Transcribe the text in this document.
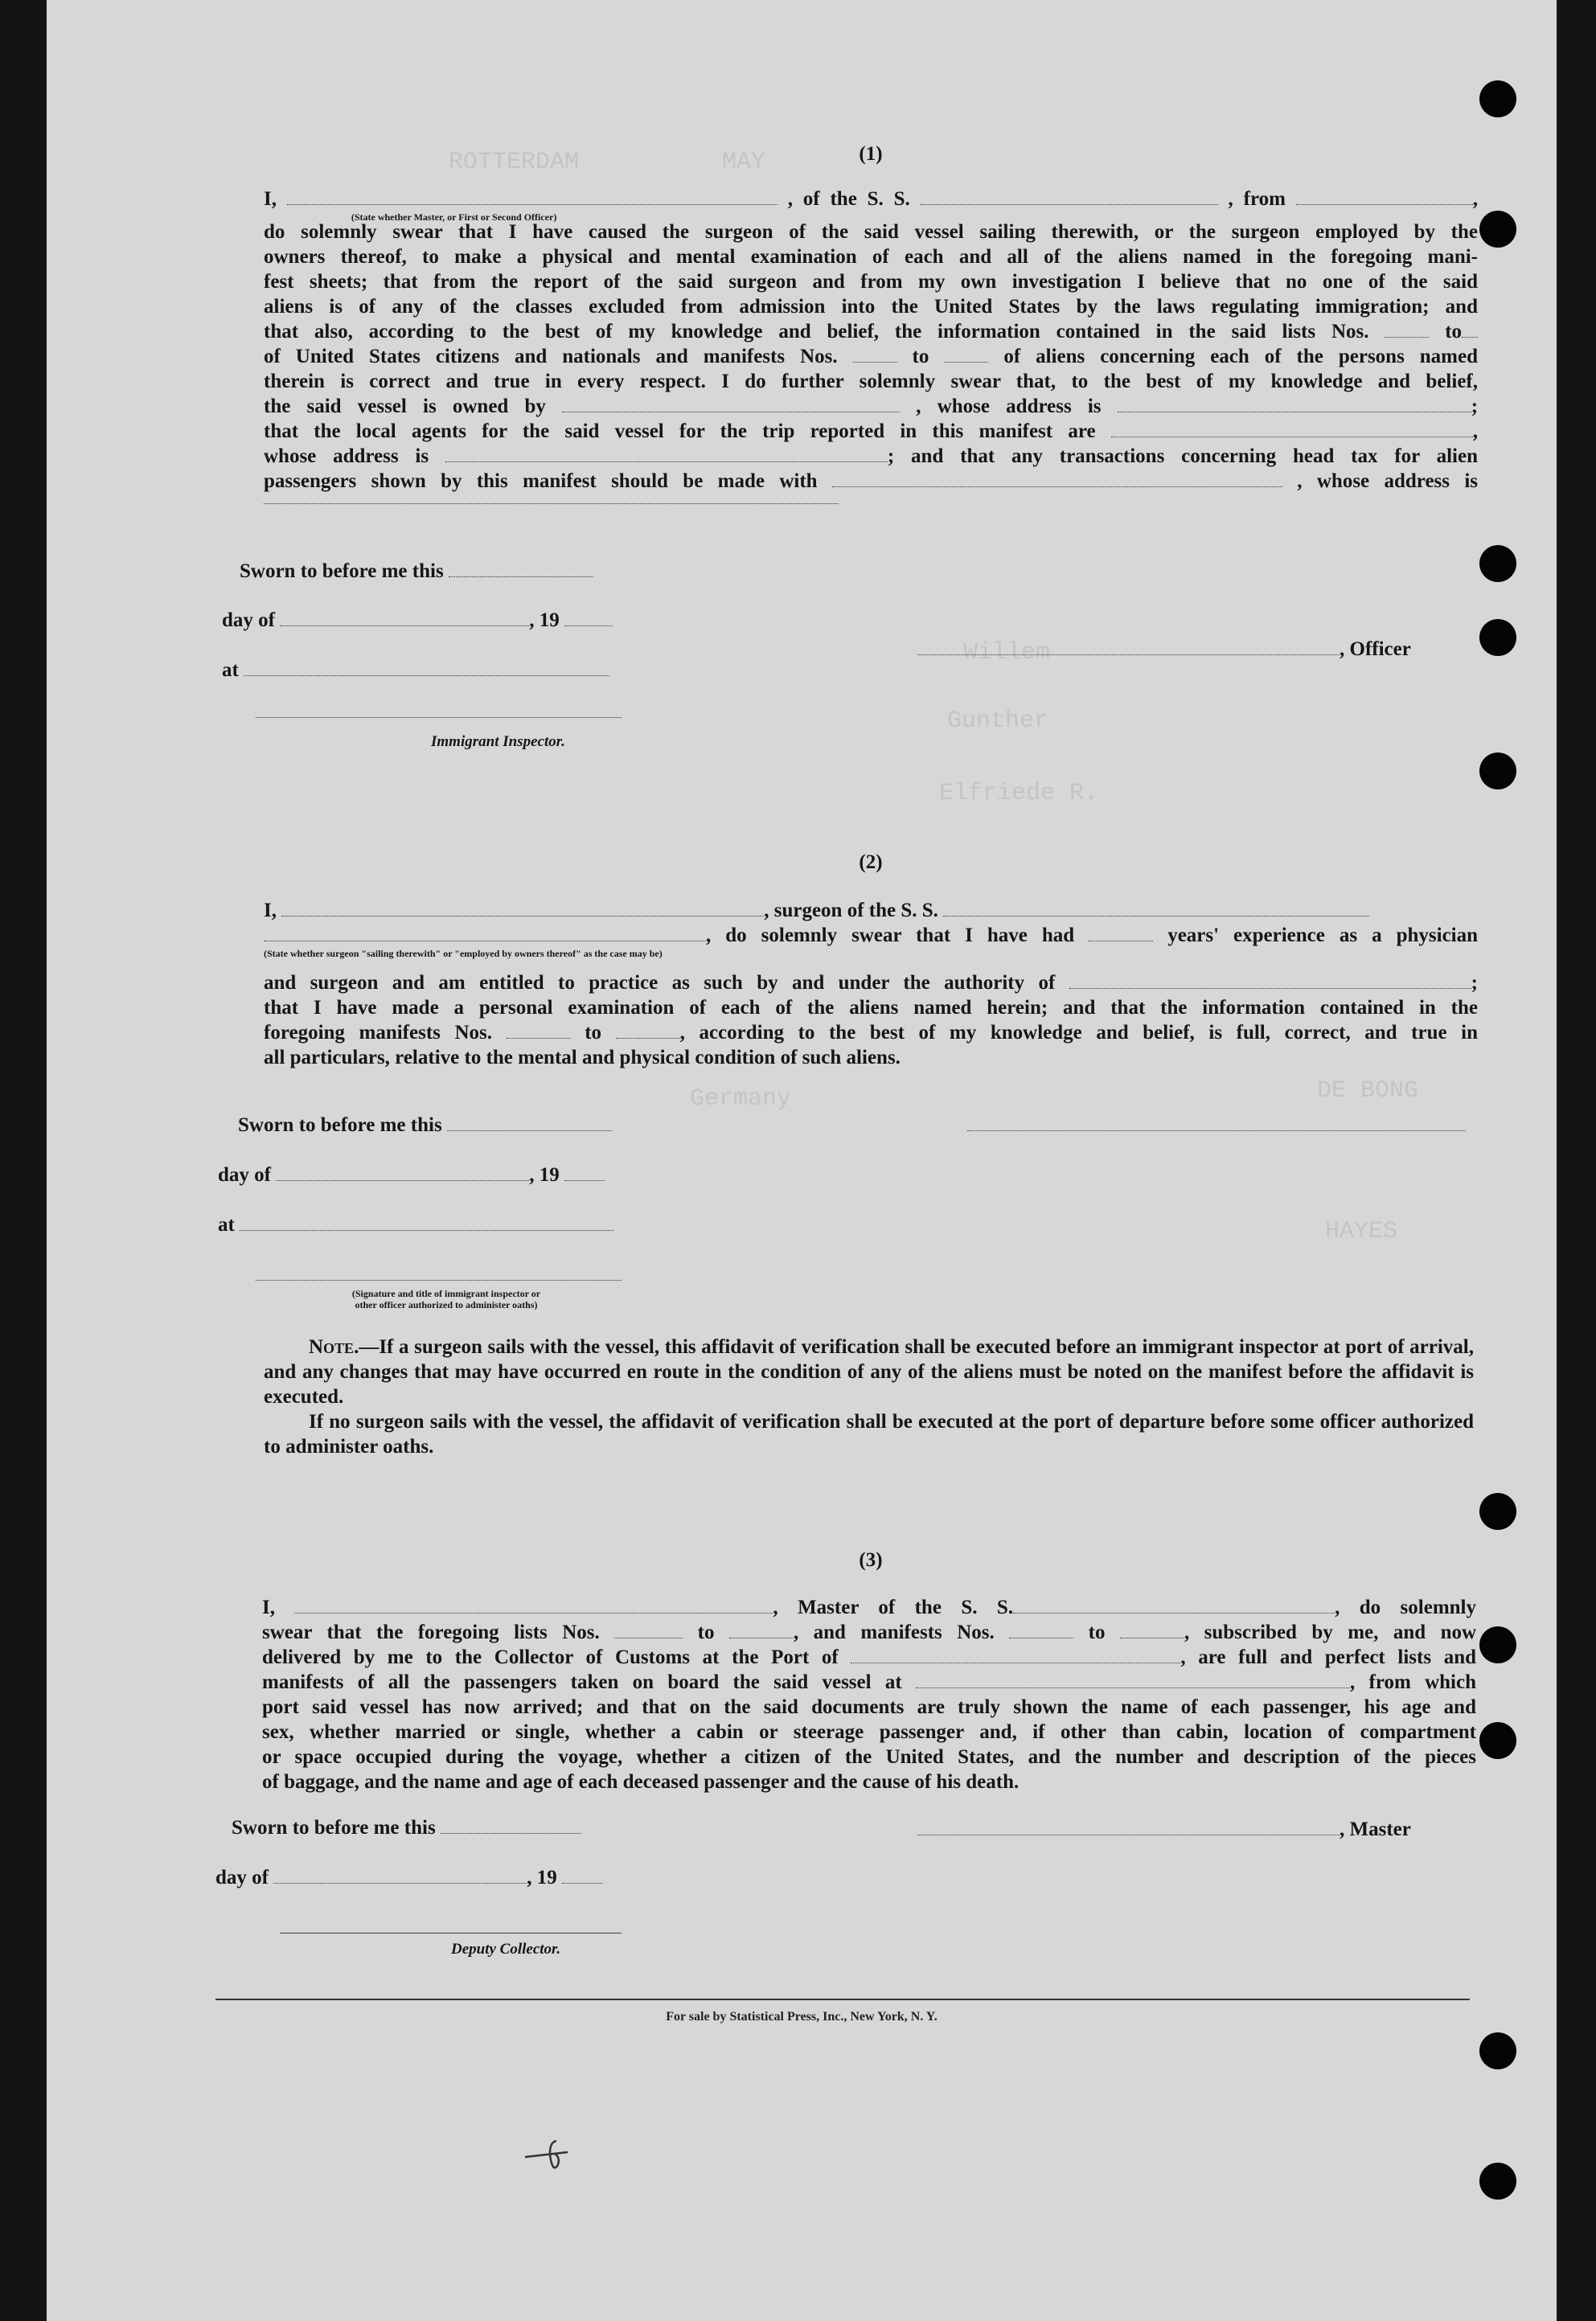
ROTTERDAM	MAY
Willem
Gunther
Elfriede R.
Germany	DE BONG
HAYES
(1)
I,
(State whether Master, or First or Second Officer)
, of the S. S.	, from	,
do solemnly swear that I have caused the surgeon of the said vessel sailing therewith, or the surgeon employed by the
owners thereof, to make a physical and mental examination of each and all of the aliens named in the foregoing mani-
fest sheets; that from the report of the said surgeon and from my own investigation I believe that no one of the said
aliens is of any of the classes excluded from admission into the United States by the laws regulating immigration; and
that also, according to the best of my knowledge and belief, the information contained in the said lists Nos.	to
of United States citizens and nationals and manifests Nos.	to	of aliens concerning each of the persons named
therein is correct and true in every respect. I do further solemnly swear that, to the best of my knowledge and belief,
the said vessel is owned by	, whose address is	;
that the local agents for the said vessel for the trip reported in this manifest are	,
whose address is	; and that any transactions concerning head tax for alien
passengers shown by this manifest should be made with	, whose address is
Sworn to before me this
day of	, 19
at
Immigrant Inspector.
, Officer
(2)
I,	, surgeon of the S. S.
(State whether surgeon "sailing therewith" or "employed by owners thereof" as the case may be)
, do solemnly swear that I have had	years' experience as a physician
and surgeon and am entitled to practice as such by and under the authority of	;
that I have made a personal examination of each of the aliens named herein; and that the information contained in the
foregoing manifests Nos.	to	, according to the best of my knowledge and belief, is full, correct, and true in
all particulars, relative to the mental and physical condition of such aliens.
Sworn to before me this
day of	, 19
at
(Signature and title of immigrant inspector or
other officer authorized to administer oaths)

Note.—If a surgeon sails with the vessel, this affidavit of verification shall be executed before an immigrant inspector at port of arrival, and any changes that may have occurred en route in the condition of any of the aliens must be noted on the manifest before the affidavit is executed.

If no surgeon sails with the vessel, the affidavit of verification shall be executed at the port of departure before some officer authorized to administer oaths.

(3)
I,	, Master of the S. S.	, do solemnly
swear that the foregoing lists Nos.	to	, and manifests Nos.	to	, subscribed by me, and now
delivered by me to the Collector of Customs at the Port of	, are full and perfect lists and
manifests of all the passengers taken on board the said vessel at	, from which
port said vessel has now arrived; and that on the said documents are truly shown the name of each passenger, his age and
sex, whether married or single, whether a cabin or steerage passenger and, if other than cabin, location of compartment
or space occupied during the voyage, whether a citizen of the United States, and the number and description of the pieces
of baggage, and the name and age of each deceased passenger and the cause of his death.
Sworn to before me this	, Master
day of	, 19
Deputy Collector.
For sale by Statistical Press, Inc., New York, N. Y.
